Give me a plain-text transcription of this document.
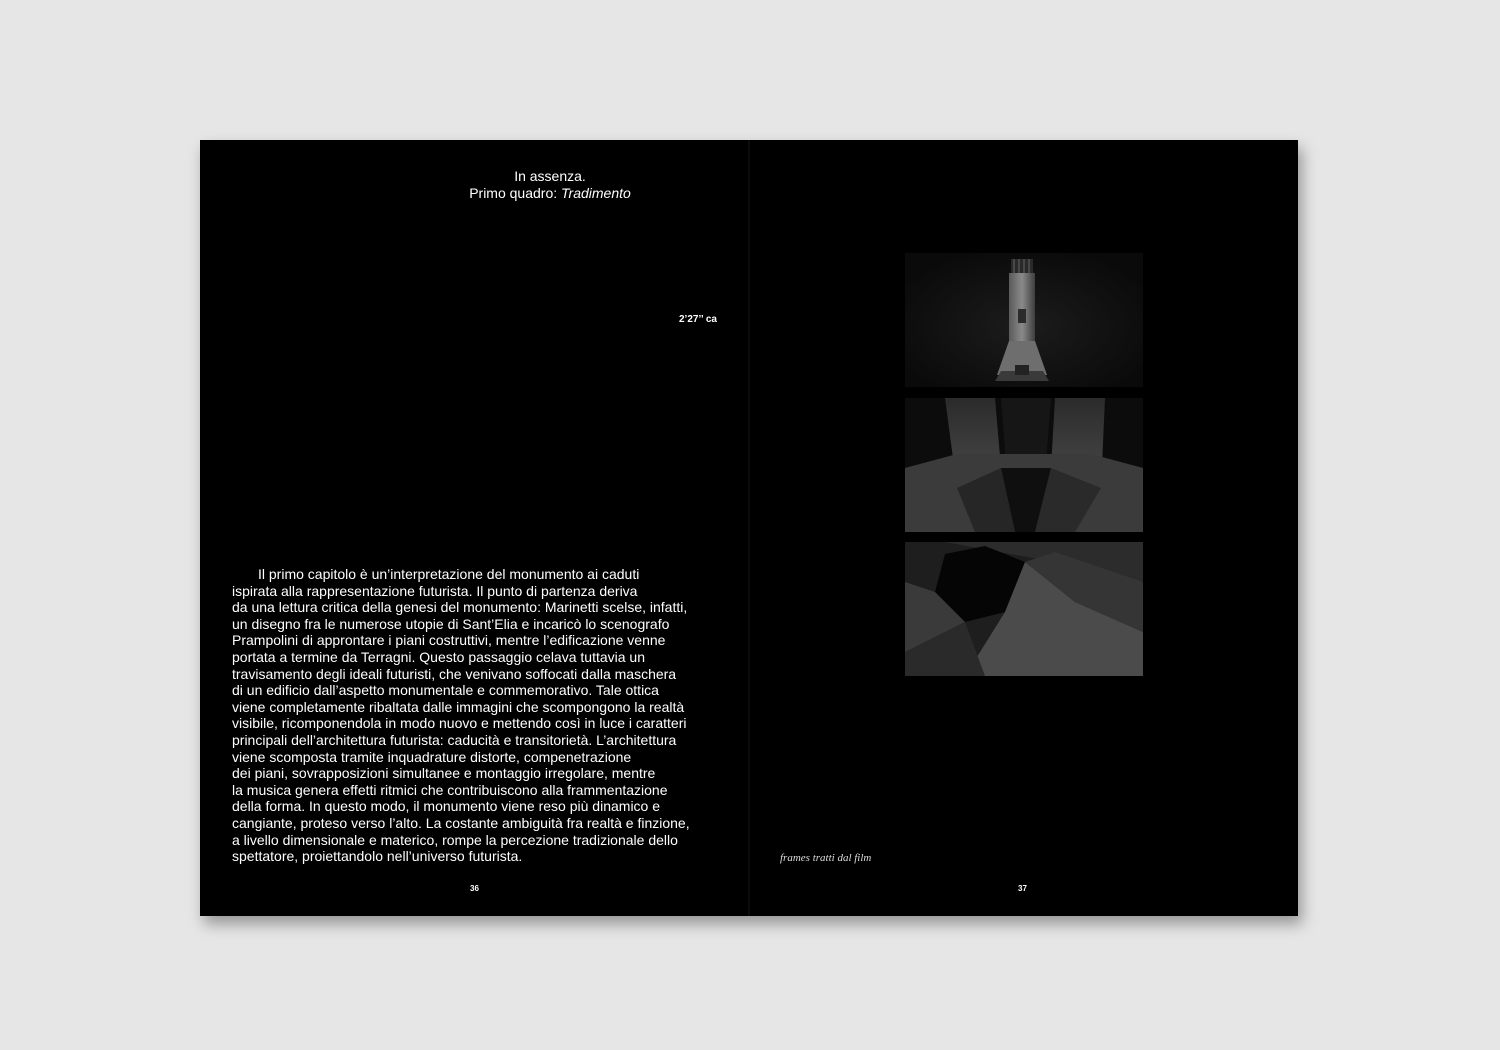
In assenza.
Primo quadro: Tradimento
2’27’’ ca
Il primo capitolo è un’interpretazione del monumento ai caduti
ispirata alla rappresentazione futurista. Il punto di partenza deriva
da una lettura critica della genesi del monumento: Marinetti scelse, infatti,
un disegno fra le numerose utopie di Sant’Elia e incaricò lo scenografo
Prampolini di approntare i piani costruttivi, mentre l’edificazione venne
portata a termine da Terragni. Questo passaggio celava tuttavia un
travisamento degli ideali futuristi, che venivano soffocati dalla maschera
di un edificio dall’aspetto monumentale e commemorativo. Tale ottica
viene completamente ribaltata dalle immagini che scompongono la realtà
visibile, ricomponendola in modo nuovo e mettendo così in luce i caratteri
principali dell’architettura futurista: caducità e transitorietà. L’architettura
viene scomposta tramite inquadrature distorte, compenetrazione
dei piani, sovrapposizioni simultanee e montaggio irregolare, mentre
la musica genera effetti ritmici che contribuiscono alla frammentazione
della forma. In questo modo, il monumento viene reso più dinamico e
cangiante, proteso verso l’alto. La costante ambiguità fra realtà e finzione,
a livello dimensionale e materico, rompe la percezione tradizionale dello
spettatore, proiettandolo nell’universo futurista.
36
frames tratti dal film
37
